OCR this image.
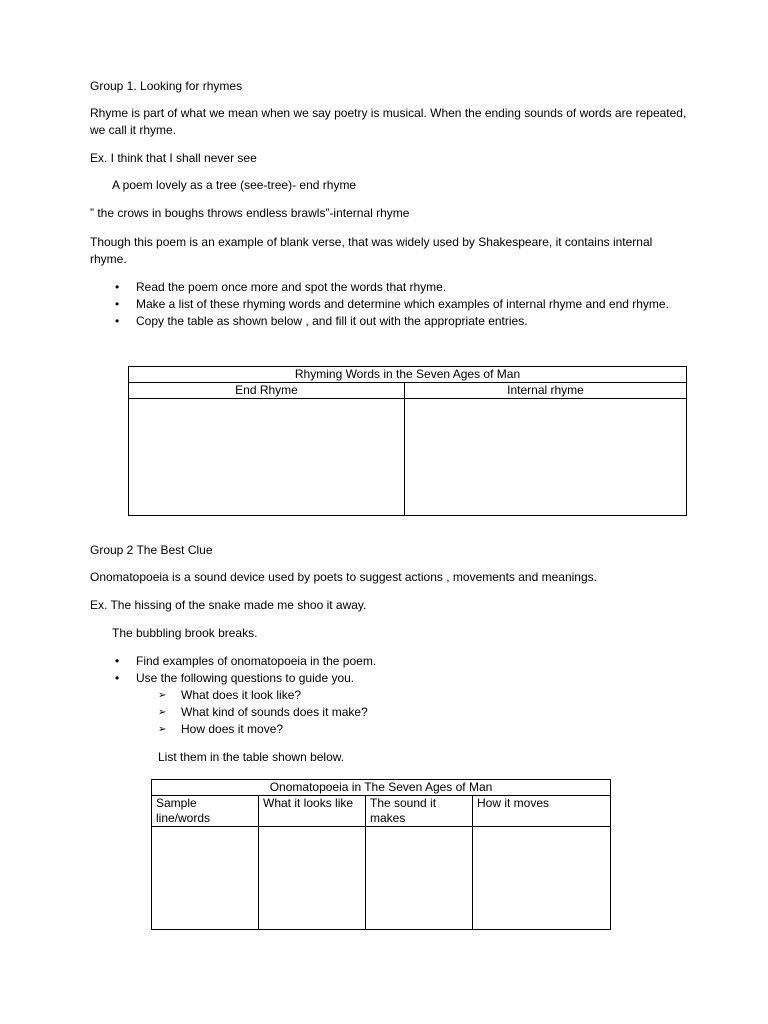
Group 1. Looking for rhymes

Rhyme is part of what we mean when we say poetry is musical. When the ending sounds of words are repeated, we call it rhyme.

Ex. I think that I shall never see

A poem lovely as a tree (see-tree)- end rhyme

” the crows in boughs throws endless brawls”-internal rhyme

Though this poem is an example of blank verse, that was widely used by Shakespeare, it contains internal rhyme.

• Read the poem once more and spot the words that rhyme.
• Make a list of these rhyming words and determine which examples of internal rhyme and end rhyme.
• Copy the table as shown below , and fill it out with the appropriate entries.
Rhyming Words in the Seven Ages of Man	
End Rhyme	Internal rhyme

Group 2 The Best Clue

Onomatopoeia is a sound device used by poets to suggest actions , movements and meanings.

Ex. The hissing of the snake made me shoo it away.

The bubbling brook breaks.

• Find examples of onomatopoeia in the poem.
• Use the following questions to guide you.
➢ What does it look like?
➢ What kind of sounds does it make?
➢ How does it move?

List them in the table shown below.

Onomatopoeia in The Seven Ages of Man			
Sample line/words	What it looks like	The sound it makes	How it moves
